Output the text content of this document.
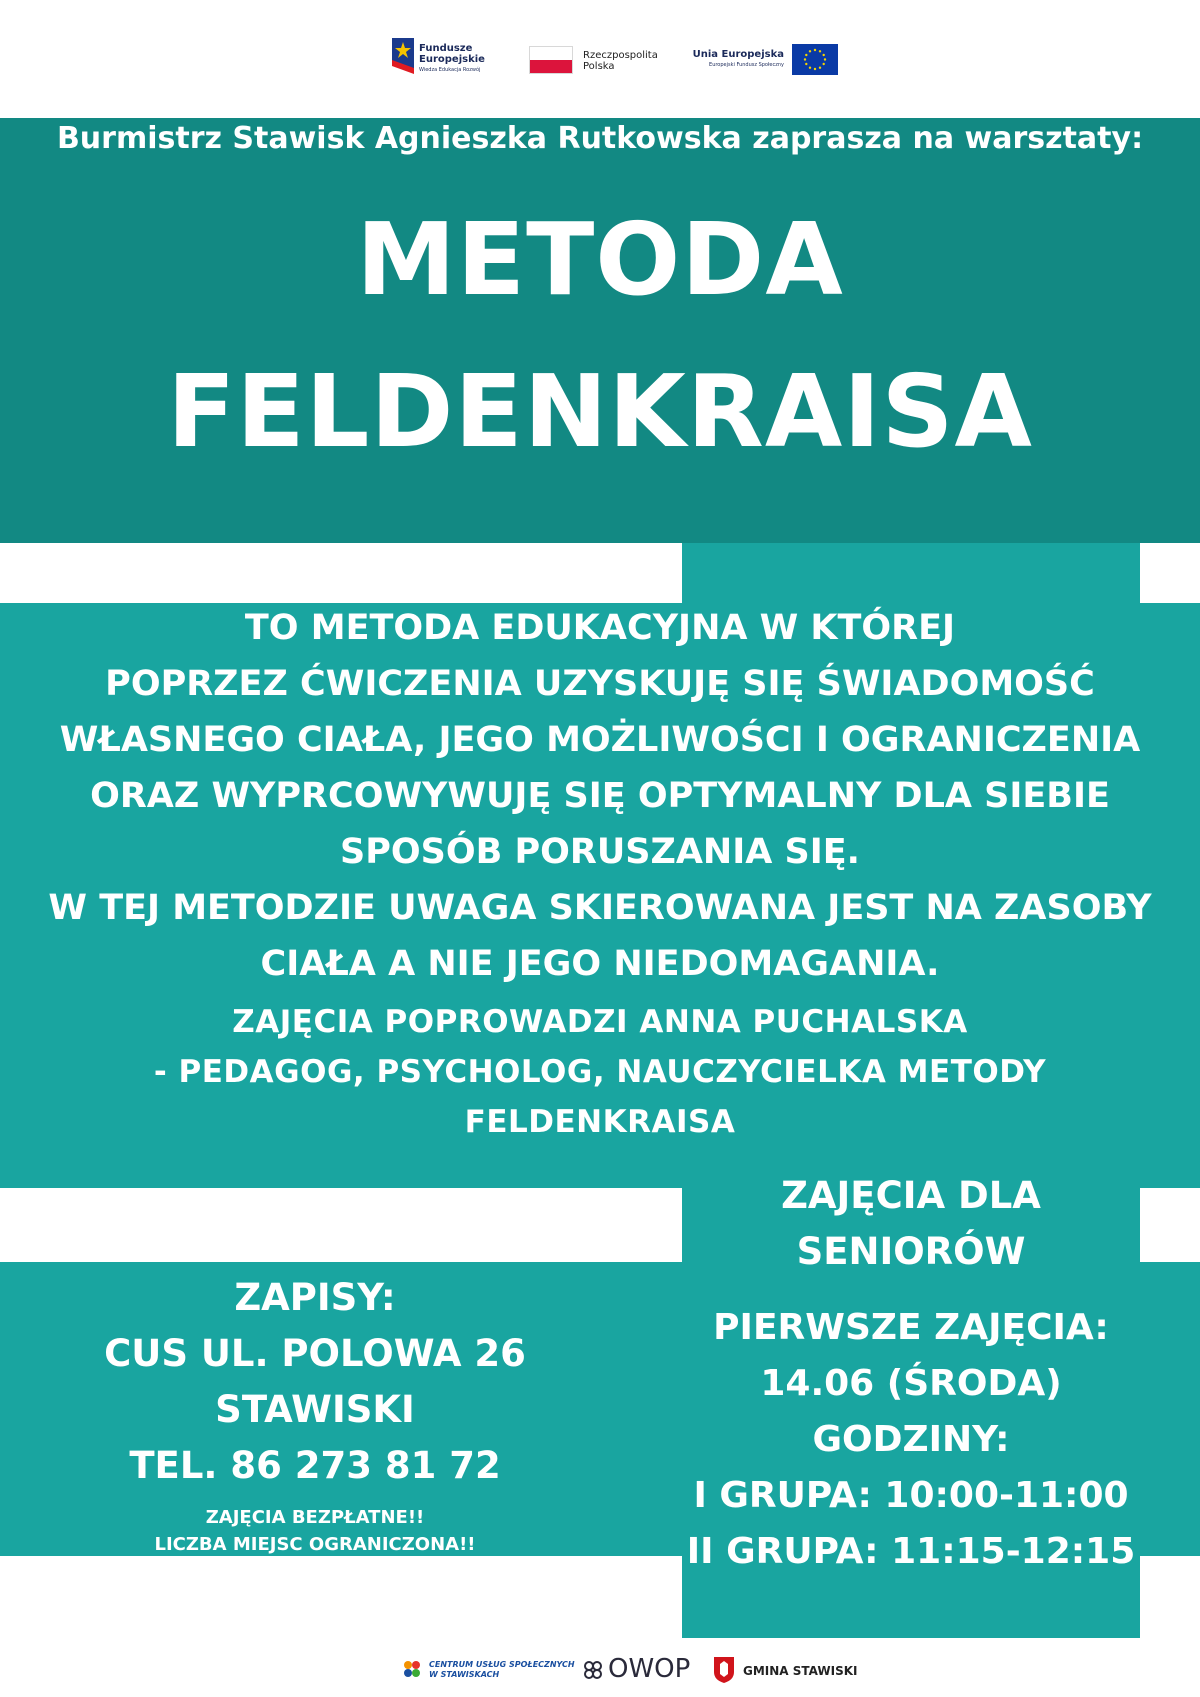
Fundusze
Europejskie
Wiedza Edukacja Rozwój
Rzeczpospolita
Polska
Unia Europejska
Europejski Fundusz Społeczny
Burmistrz Stawisk Agnieszka Rutkowska zaprasza na warsztaty:
METODA
FELDENKRAISA
TO METODA EDUKACYJNA W KTÓREJ
POPRZEZ ĆWICZENIA UZYSKUJĘ SIĘ ŚWIADOMOŚĆ
WŁASNEGO CIAŁA, JEGO MOŻLIWOŚCI I OGRANICZENIA
ORAZ WYPRCOWYWUJĘ SIĘ OPTYMALNY DLA SIEBIE
SPOSÓB PORUSZANIA SIĘ.
W TEJ METODZIE UWAGA SKIEROWANA JEST NA ZASOBY
CIAŁA A NIE JEGO NIEDOMAGANIA.
ZAJĘCIA POPROWADZI ANNA PUCHALSKA
- PEDAGOG, PSYCHOLOG, NAUCZYCIELKA METODY
FELDENKRAISA
ZAJĘCIA DLA
SENIORÓW
PIERWSZE ZAJĘCIA:
14.06 (ŚRODA)
GODZINY:
I GRUPA: 10:00-11:00
II GRUPA: 11:15-12:15
ZAPISY:
CUS UL. POLOWA 26
STAWISKI
TEL. 86 273 81 72
ZAJĘCIA BEZPŁATNE!!
LICZBA MIEJSC OGRANICZONA!!
CENTRUM USŁUG SPOŁECZNYCH
W STAWISKACH	OWOP	GMINA STAWISKI
